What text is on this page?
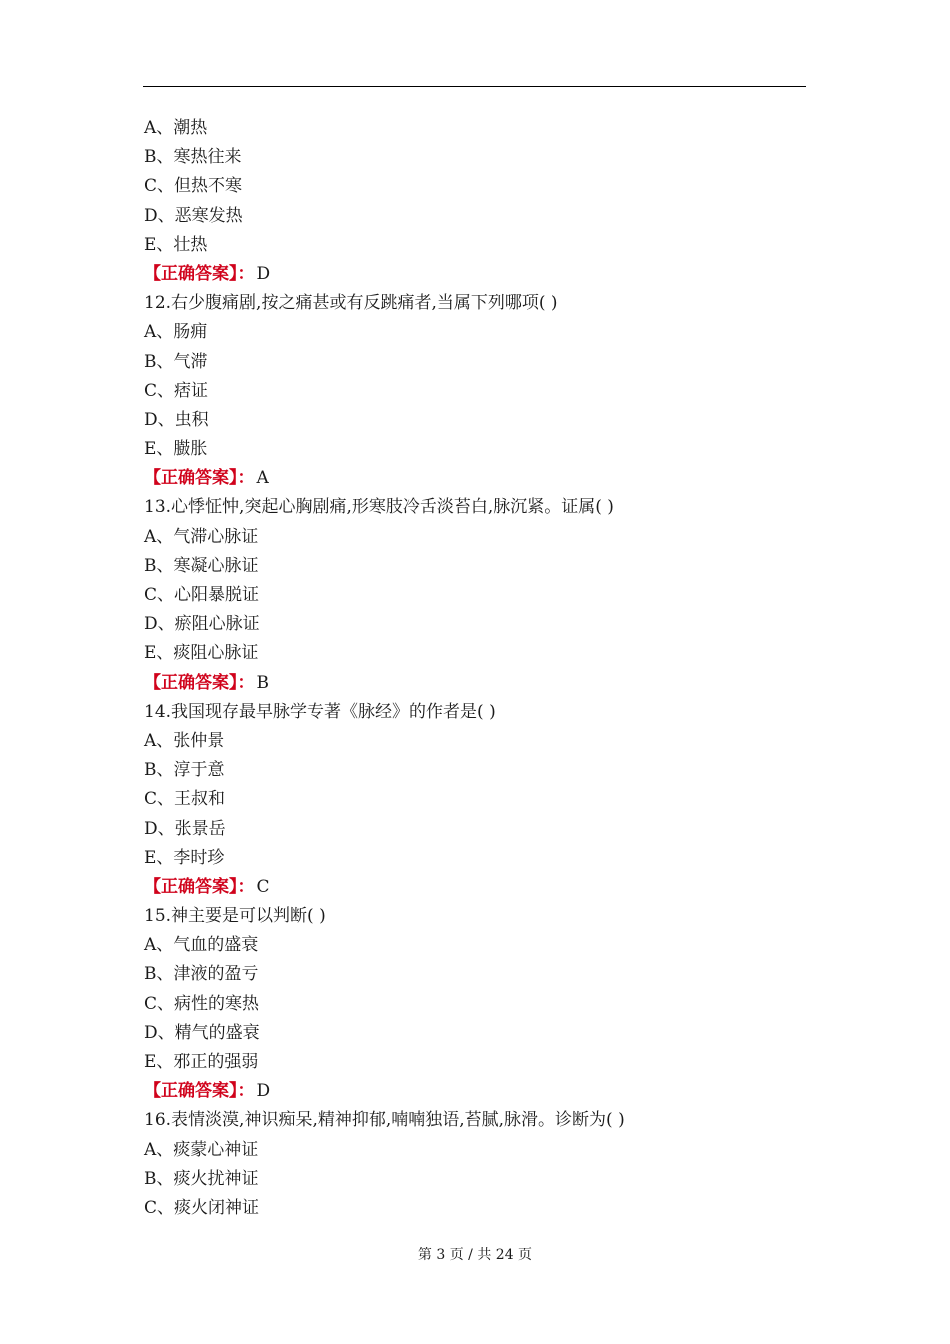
A、潮热
B、寒热往来
C、但热不寒
D、恶寒发热
E、壮热
【正确答案】： D
12.右少腹痛剧,按之痛甚或有反跳痛者,当属下列哪项( )
A、肠痈
B、气滞
C、痞证
D、虫积
E、臌胀
【正确答案】： A
13.心悸怔忡,突起心胸剧痛,形寒肢冷舌淡苔白,脉沉紧。证属( )
A、气滞心脉证
B、寒凝心脉证
C、心阳暴脱证
D、瘀阻心脉证
E、痰阻心脉证
【正确答案】： B
14.我国现存最早脉学专著《脉经》的作者是( )
A、张仲景
B、淳于意
C、王叔和
D、张景岳
E、李时珍
【正确答案】： C
15.神主要是可以判断( )
A、气血的盛衰
B、津液的盈亏
C、病性的寒热
D、精气的盛衰
E、邪正的强弱
【正确答案】： D
16.表情淡漠,神识痴呆,精神抑郁,喃喃独语,苔腻,脉滑。诊断为( )
A、痰蒙心神证
B、痰火扰神证
C、痰火闭神证
第 3 页 / 共 24 页
